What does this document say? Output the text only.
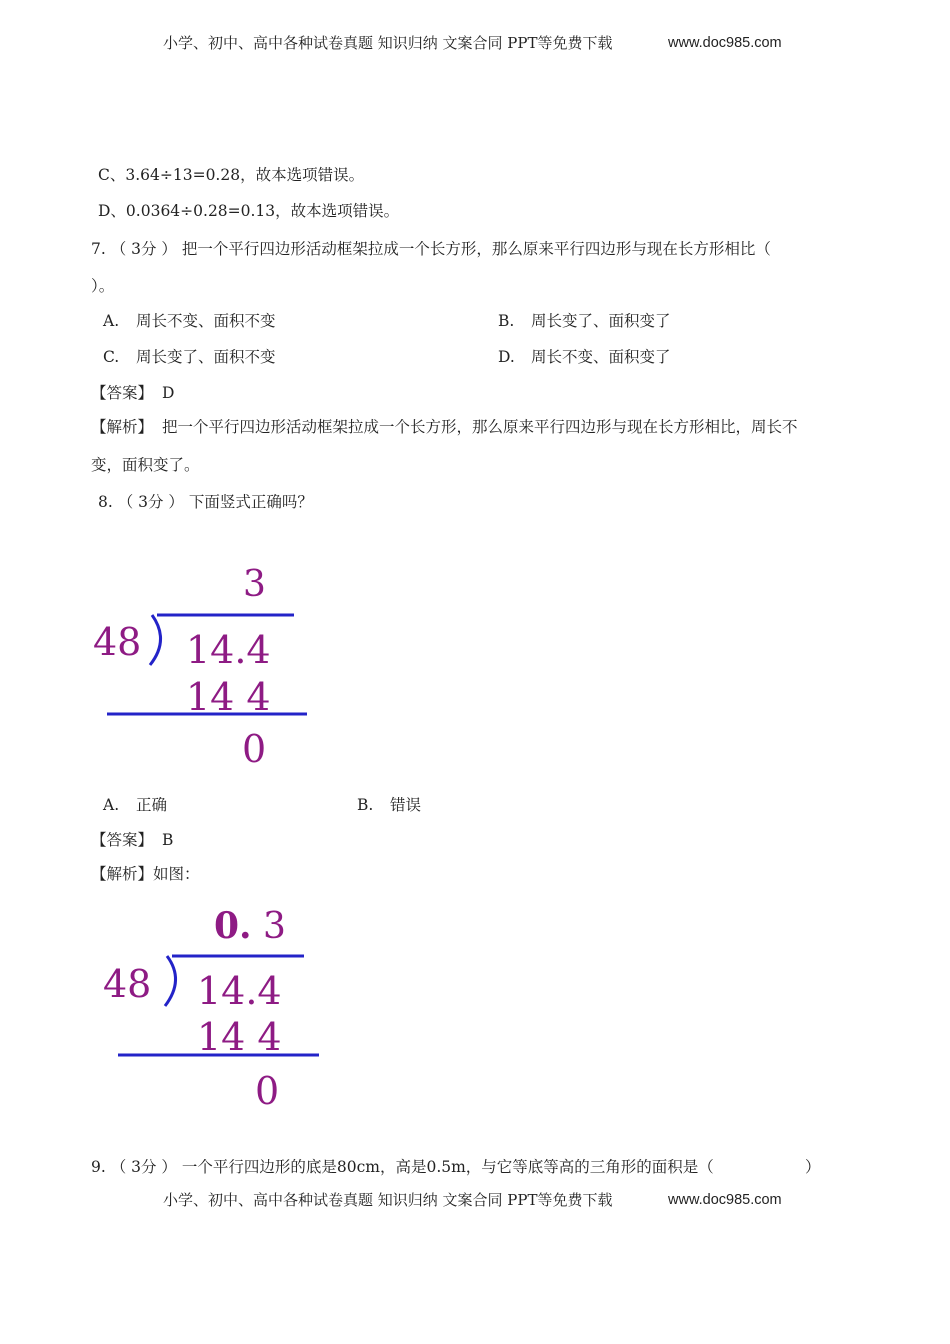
小学、初中、高中各种试卷真题 知识归纳 文案合同 PPT等免费下载	www.doc985.com
C、3.64÷13=0.28，故本选项错误。
D、0.0364÷0.28=0.13，故本选项错误。
7. （ 3分 ） 把一个平行四边形活动框架拉成一个长方形，那么原来平行四边形与现在长方形相比（
）。
A. 周长不变、面积不变	B. 周长变了、面积变了
C. 周长变了、面积不变	D. 周长不变、面积变了
【答案】 D
【解析】 把一个平行四边形活动框架拉成一个长方形，那么原来平行四边形与现在长方形相比，周长不
变，面积变了。
8. （ 3分 ） 下面竖式正确吗？
3
48 14.4
14 4
0
A. 正确	B. 错误
【答案】 B
【解析】如图：
0. 3
48 14.4
14 4
0
9. （ 3分 ） 一个平行四边形的底是80cm，高是0.5m，与它等底等高的三角形的面积是（	）
小学、初中、高中各种试卷真题 知识归纳 文案合同 PPT等免费下载	www.doc985.com
